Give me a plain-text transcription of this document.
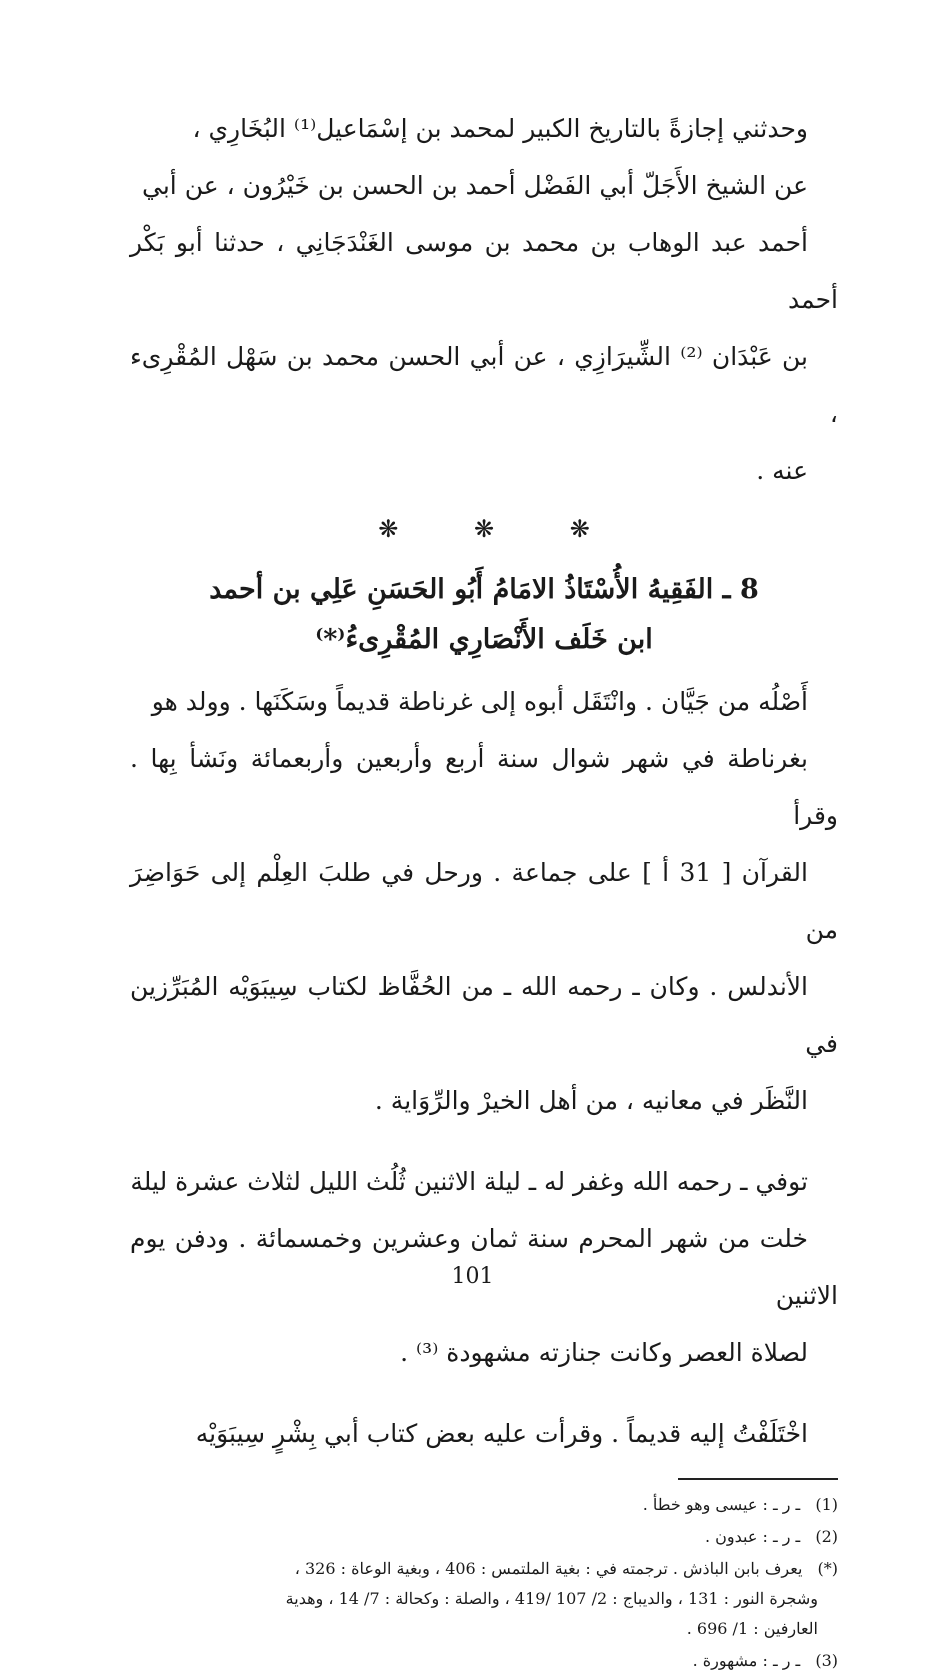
وحدثني إجازةً بالتاريخ الكبير لمحمد بن إسْمَاعيل⁽¹⁾ البُخَارِي ،
عن الشيخ الأَجَلّ أبي الفَضْل أحمد بن الحسن بن خَيْرُون ، عن أبي
أحمد عبد الوهاب بن محمد بن موسى الغَنْدَجَانِي ، حدثنا أبو بَكْر أحمد
بن عَبْدَان ⁽²⁾ الشِّيرَازِي ، عن أبي الحسن محمد بن سَهْل المُقْرِىء ،
عنه .
❋ ❋ ❋
8 ـ الفَقِيهُ الأُسْتَاذُ الامَامُ أَبُو الحَسَنِ عَلِي بن أحمد
ابن خَلَف الأَنْصَارِي المُقْرِىءُ⁽*⁾
أَصْلُه من جَيَّان . وانْتَقَل أبوه إلى غرناطة قديماً وسَكَنَها . وولد هو
بغرناطة في شهر شوال سنة أربع وأربعين وأربعمائة ونَشأ بِها . وقرأ
القرآن [ 31 أ ] على جماعة . ورحل في طلبَ العِلْم إلى حَوَاضِرَ من
الأندلس . وكان ـ رحمه الله ـ من الحُفَّاظ لكتاب سِيبَوَيْه المُبَرِّزين في
النَّظَر في معانيه ، من أهل الخيرْ والرِّوَاية .
توفي ـ رحمه الله وغفر له ـ ليلة الاثنين ثُلُث الليل لثلاث عشرة ليلة
خلت من شهر المحرم سنة ثمان وعشرين وخمسمائة . ودفن يوم الاثنين
لصلاة العصر وكانت جنازته مشهودة ⁽³⁾ .
اخْتَلَفْتُ إليه قديماً . وقرأت عليه بعض كتاب أبي بِشْرٍ سِيبَوَيْه
(1) ـ ر ـ : عيسى وهو خطأ .
(2) ـ ر ـ : عبدون .
(*) يعرف بابن الباذش . ترجمته في : بغية الملتمس : 406 ، وبغية الوعاة : 326 ،
وشجرة النور : 131 ، والديباج : 2/ 107 /419 ، والصلة : وكحالة : 7/ 14 ، وهدية
العارفين : 1/ 696 .
(3) ـ ر ـ : مشهورة .
101
